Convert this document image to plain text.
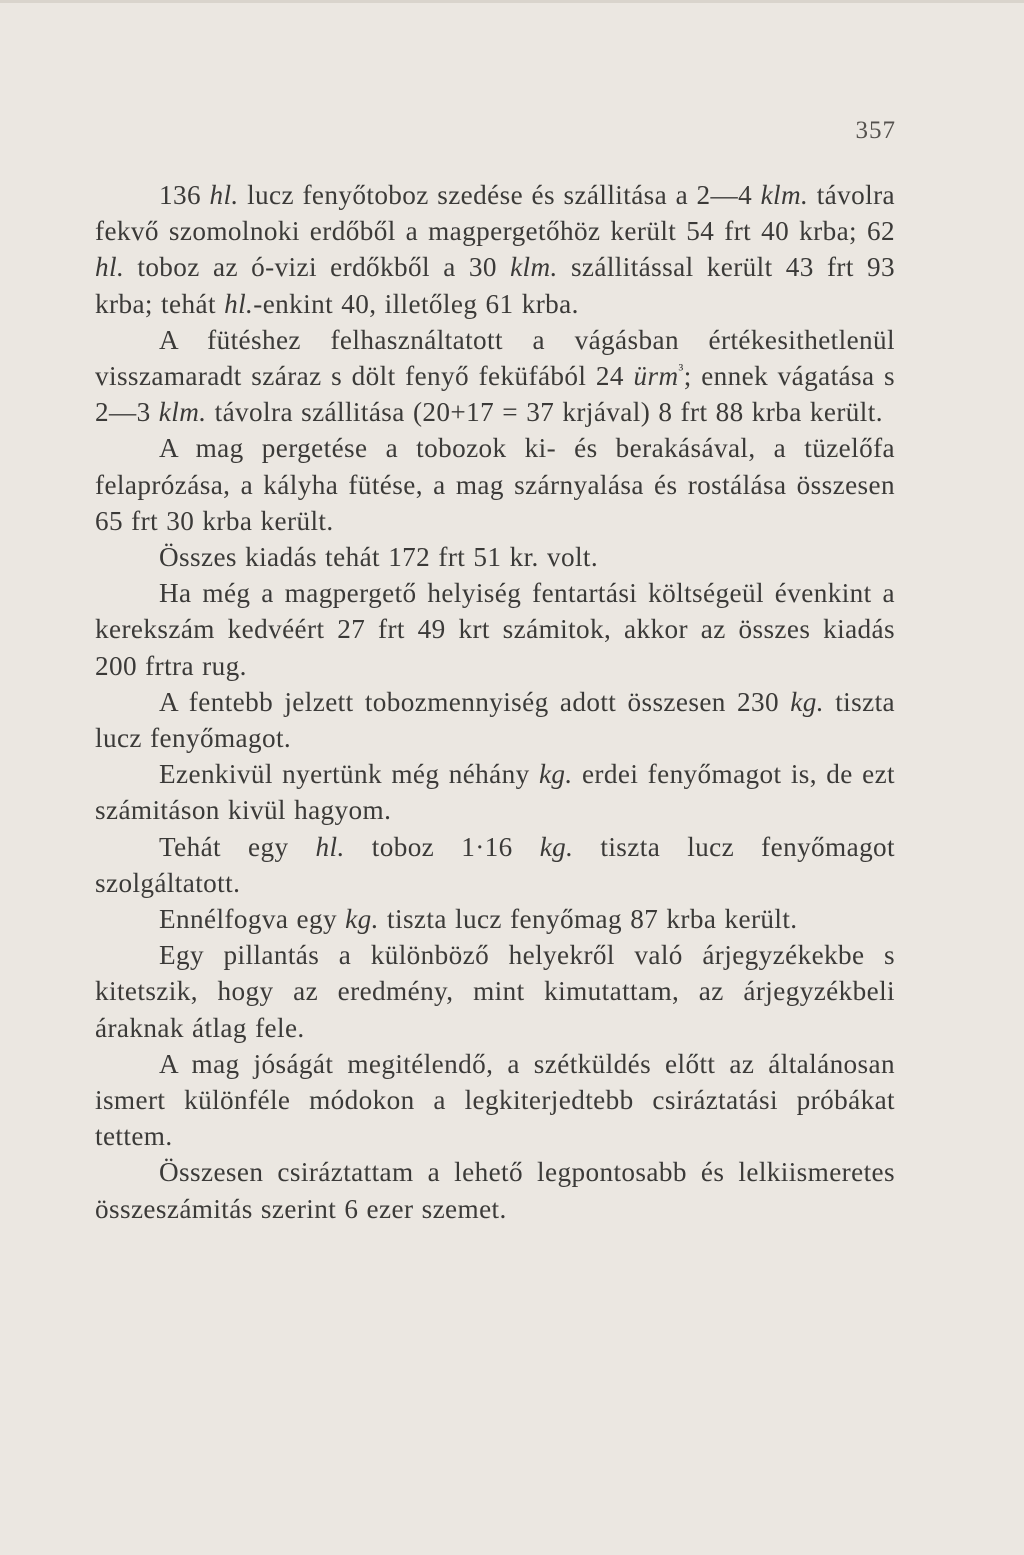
357

136 hl. lucz fenyőtoboz szedése és szállitása a 2—4 klm. távolra fekvő szomolnoki erdőből a magpergetőhöz került 54 frt 40 krba; 62 hl. toboz az ó-vizi erdőkből a 30 klm. szállitással került 43 frt 93 krba; tehát hl.-enkint 40, illetőleg 61 krba.

A fütéshez felhasználtatott a vágásban értékesithetlenül visszamaradt száraz s dölt fenyő feküfából 24 ürm$^{^3}$; ennek vágatása s 2—3 klm. távolra szállitása (20+17 = 37 krjával) 8 frt 88 krba került.

A mag pergetése a tobozok ki- és berakásával, a tüzelőfa felaprózása, a kályha fütése, a mag szárnyalása és rostálása összesen 65 frt 30 krba került.

Összes kiadás tehát 172 frt 51 kr. volt.

Ha még a magpergető helyiség fentartási költségeül évenkint a kerekszám kedvéért 27 frt 49 krt számitok, akkor az összes kiadás 200 frtra rug.

A fentebb jelzett tobozmennyiség adott összesen 230 kg. tiszta lucz fenyőmagot.

Ezenkivül nyertünk még néhány kg. erdei fenyőmagot is, de ezt számitáson kivül hagyom.

Tehát egy hl. toboz 1·16 kg. tiszta lucz fenyőmagot szolgáltatott.

Ennélfogva egy kg. tiszta lucz fenyőmag 87 krba került.

Egy pillantás a különböző helyekről való árjegyzékekbe s kitetszik, hogy az eredmény, mint kimutattam, az árjegyzékbeli áraknak átlag fele.

A mag jóságát megitélendő, a szétküldés előtt az általánosan ismert különféle módokon a legkiterjedtebb csiráztatási próbákat tettem.

Összesen csiráztattam a lehető legpontosabb és lelkiismeretes összeszámitás szerint 6 ezer szemet.
